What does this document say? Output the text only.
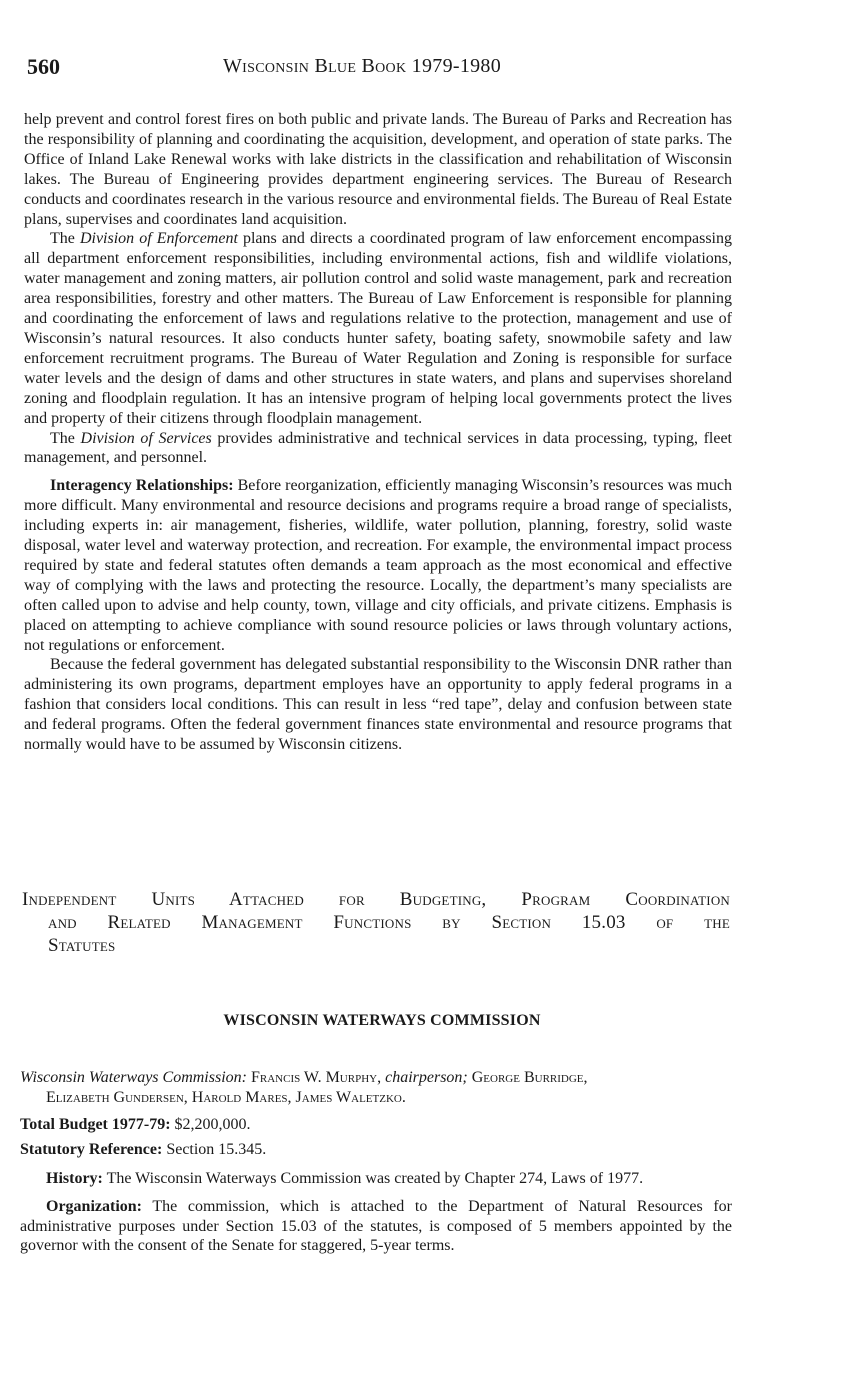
560	Wisconsin Blue Book 1979-1980

help prevent and control forest fires on both public and private lands. The Bureau of Parks and Recreation has the responsibility of planning and coordinating the acquisition, development, and operation of state parks. The Office of Inland Lake Renewal works with lake districts in the classification and rehabilitation of Wisconsin lakes. The Bureau of Engineering provides department engineering services. The Bureau of Research conducts and coordinates research in the various resource and environmental fields. The Bureau of Real Estate plans, supervises and coordinates land acquisition.

The Division of Enforcement plans and directs a coordinated program of law enforcement encompassing all department enforcement responsibilities, including environmental actions, fish and wildlife violations, water management and zoning matters, air pollution control and solid waste management, park and recreation area responsibilities, forestry and other matters. The Bureau of Law Enforcement is responsible for planning and coordinating the enforcement of laws and regulations relative to the protection, management and use of Wisconsin’s natural resources. It also conducts hunter safety, boating safety, snowmobile safety and law enforcement recruitment programs. The Bureau of Water Regulation and Zoning is responsible for surface water levels and the design of dams and other structures in state waters, and plans and supervises shoreland zoning and floodplain regulation. It has an intensive program of helping local governments protect the lives and property of their citizens through floodplain management.

The Division of Services provides administrative and technical services in data processing, typing, fleet management, and personnel.

Interagency Relationships: Before reorganization, efficiently managing Wisconsin’s resources was much more difficult. Many environmental and resource decisions and programs require a broad range of specialists, including experts in: air management, fisheries, wildlife, water pollution, planning, forestry, solid waste disposal, water level and waterway protection, and recreation. For example, the environmental impact process required by state and federal statutes often demands a team approach as the most economical and effective way of complying with the laws and protecting the resource. Locally, the department’s many specialists are often called upon to advise and help county, town, village and city officials, and private citizens. Emphasis is placed on attempting to achieve compliance with sound resource policies or laws through voluntary actions, not regulations or enforcement.

Because the federal government has delegated substantial responsibility to the Wisconsin DNR rather than administering its own programs, department employes have an opportunity to apply federal programs in a fashion that considers local conditions. This can result in less “red tape”, delay and confusion between state and federal programs. Often the federal government finances state environmental and resource programs that normally would have to be assumed by Wisconsin citizens.

Independent Units Attached for Budgeting, Program Coordination
and Related Management Functions by Section 15.03 of the
Statutes
WISCONSIN WATERWAYS COMMISSION
Wisconsin Waterways Commission: Francis W. Murphy, chairperson; George Burridge,
Elizabeth Gundersen, Harold Mares, James Waletzko.
Total Budget 1977-79: $2,200,000.
Statutory Reference: Section 15.345.
History: The Wisconsin Waterways Commission was created by Chapter 274, Laws of 1977.
Organization: The commission, which is attached to the Department of Natural Resources for administrative purposes under Section 15.03 of the statutes, is composed of 5 members appointed by the governor with the consent of the Senate for staggered, 5-year terms.
